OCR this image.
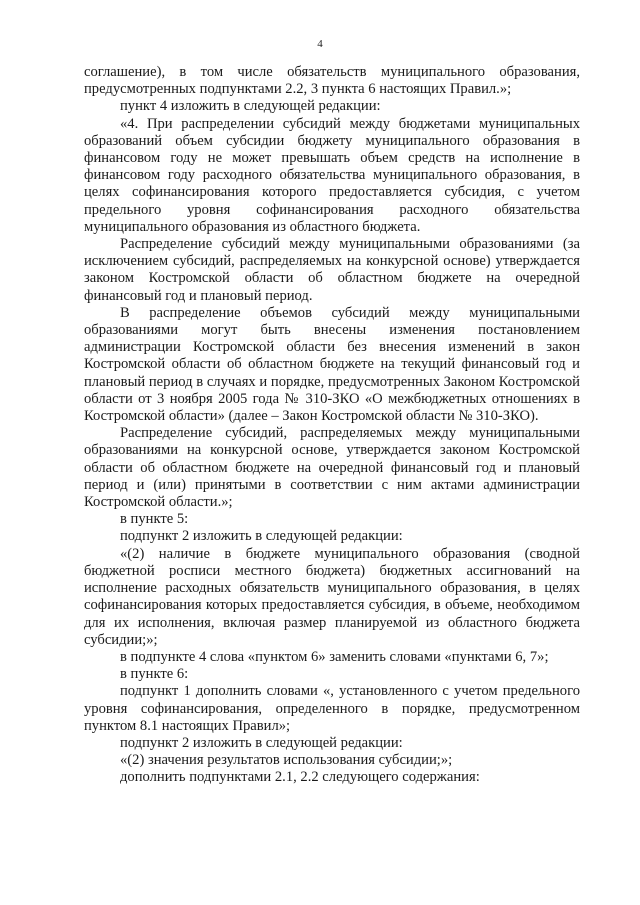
4

соглашение), в том числе обязательств муниципального образования, предусмотренных подпунктами 2.2, 3 пункта 6 настоящих Правил.»;

пункт 4 изложить в следующей редакции:

«4. При распределении субсидий между бюджетами муниципальных образований объем субсидии бюджету муниципального образования в финансовом году не может превышать объем средств на исполнение в финансовом году расходного обязательства муниципального образования, в целях софинансирования которого предоставляется субсидия, с учетом предельного уровня софинансирования расходного обязательства муниципального образования из областного бюджета.

Распределение субсидий между муниципальными образованиями (за исключением субсидий, распределяемых на конкурсной основе) утверждается законом Костромской области об областном бюджете на очередной финансовый год и плановый период.

В распределение объемов субсидий между муниципальными образованиями могут быть внесены изменения постановлением администрации Костромской области без внесения изменений в закон Костромской области об областном бюджете на текущий финансовый год и плановый период в случаях и порядке, предусмотренных Законом Костромской области от 3 ноября 2005 года № 310-ЗКО «О межбюджетных отношениях в Костромской области» (далее – Закон Костромской области № 310-ЗКО).

Распределение субсидий, распределяемых между муниципальными образованиями на конкурсной основе, утверждается законом Костромской области об областном бюджете на очередной финансовый год и плановый период и (или) принятыми в соответствии с ним актами администрации Костромской области.»;

в пункте 5:

подпункт 2 изложить в следующей редакции:

«(2) наличие в бюджете муниципального образования (сводной бюджетной росписи местного бюджета) бюджетных ассигнований на исполнение расходных обязательств муниципального образования, в целях софинансирования которых предоставляется субсидия, в объеме, необходимом для их исполнения, включая размер планируемой из областного бюджета субсидии;»;

в подпункте 4 слова «пунктом 6» заменить словами «пунктами 6, 7»;

в пункте 6:

подпункт 1 дополнить словами «, установленного с учетом предельного уровня софинансирования, определенного в порядке, предусмотренном пунктом 8.1 настоящих Правил»;

подпункт 2 изложить в следующей редакции:

«(2) значения результатов использования субсидии;»;

дополнить подпунктами 2.1, 2.2 следующего содержания:
